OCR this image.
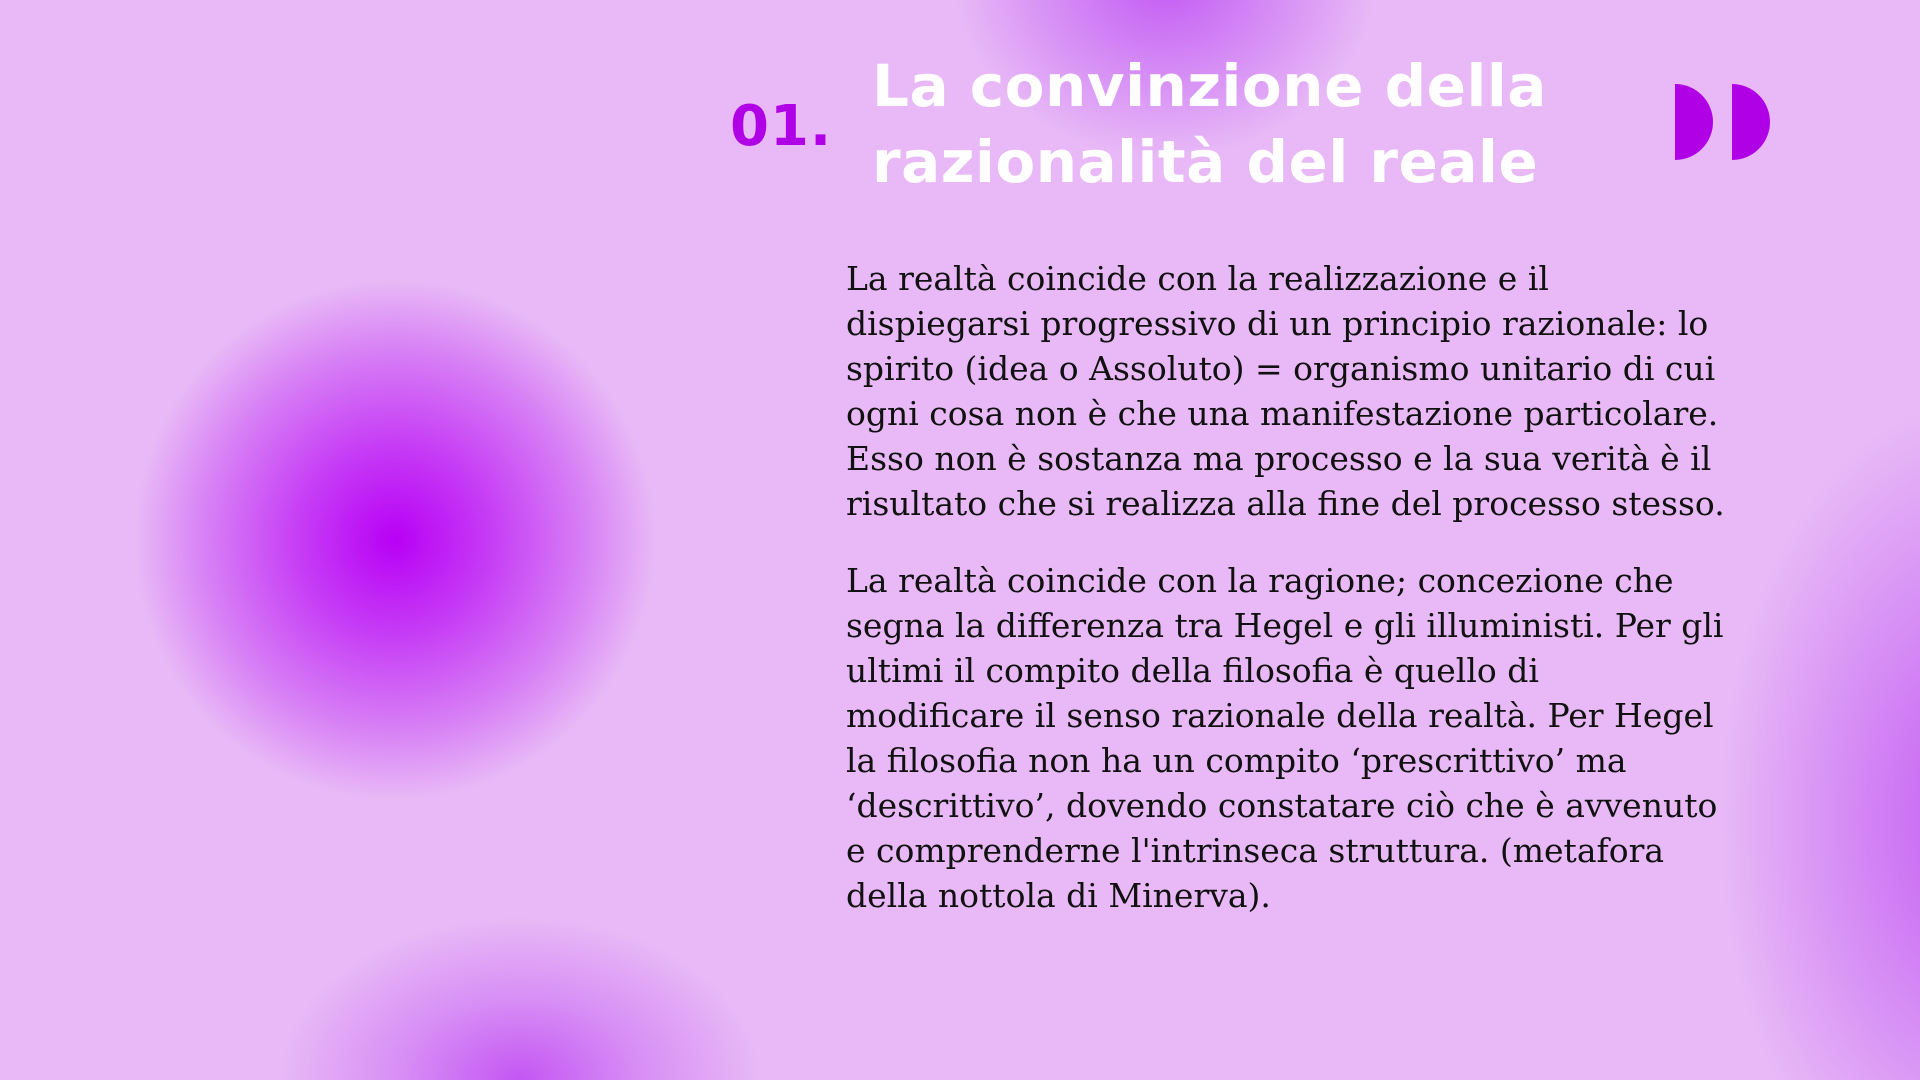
01.
La convinzione della
razionalità del reale

La realtà coincide con la realizzazione e il dispiegarsi progressivo di un principio razionale: lo spirito (idea o Assoluto) = organismo unitario di cui ogni cosa non è che una manifestazione particolare. Esso non è sostanza ma processo e la sua verità è il risultato che si realizza alla fine del processo stesso.

La realtà coincide con la ragione; concezione che segna la differenza tra Hegel e gli illuministi. Per gli ultimi il compito della filosofia è quello di modificare il senso razionale della realtà. Per Hegel la filosofia non ha un compito ‘prescrittivo’ ma ‘descrittivo’, dovendo constatare ciò che è avvenuto e comprenderne l'intrinseca struttura. (metafora della nottola di Minerva).
